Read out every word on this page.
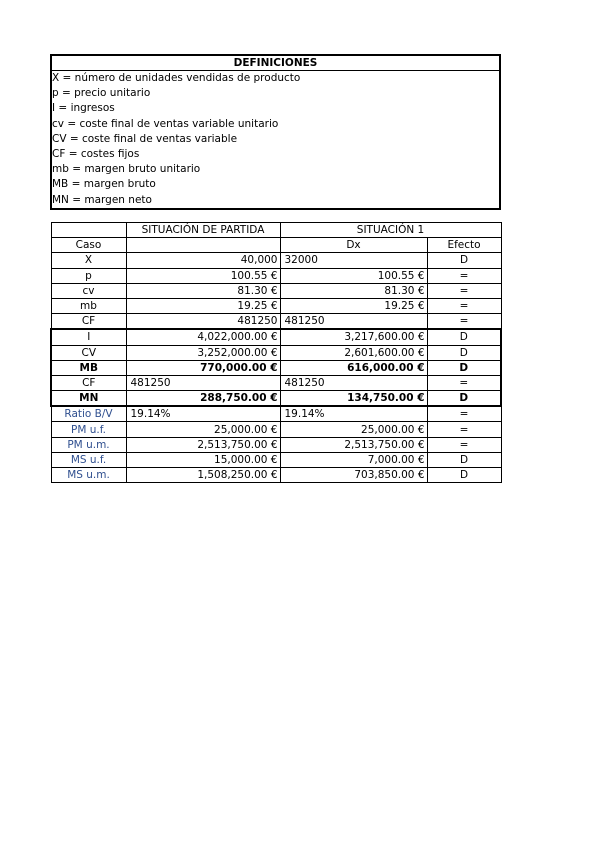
DEFINICIONES
X = número de unidades vendidas de producto
p = precio unitario
I = ingresos
cv = coste final de ventas variable unitario
CV = coste final de ventas variable
CF = costes fijos
mb = margen bruto unitario
MB = margen bruto
MN = margen neto
	SITUACIÓN DE PARTIDA	SITUACIÓN 1	
Caso		Dx	Efecto
X	40,000	32000	D
p	100.55 €	100.55 €	=
cv	81.30 €	81.30 €	=
mb	19.25 €	19.25 €	=
CF	481250	481250	=
I	4,022,000.00 €	3,217,600.00 €	D
CV	3,252,000.00 €	2,601,600.00 €	D
MB	770,000.00 €	616,000.00 €	D
CF	481250	481250	=
MN	288,750.00 €	134,750.00 €	D
Ratio B/V	19.14%	19.14%	=
PM u.f.	25,000.00 €	25,000.00 €	=
PM u.m.	2,513,750.00 €	2,513,750.00 €	=
MS u.f.	15,000.00 €	7,000.00 €	D
MS u.m.	1,508,250.00 €	703,850.00 €	D
